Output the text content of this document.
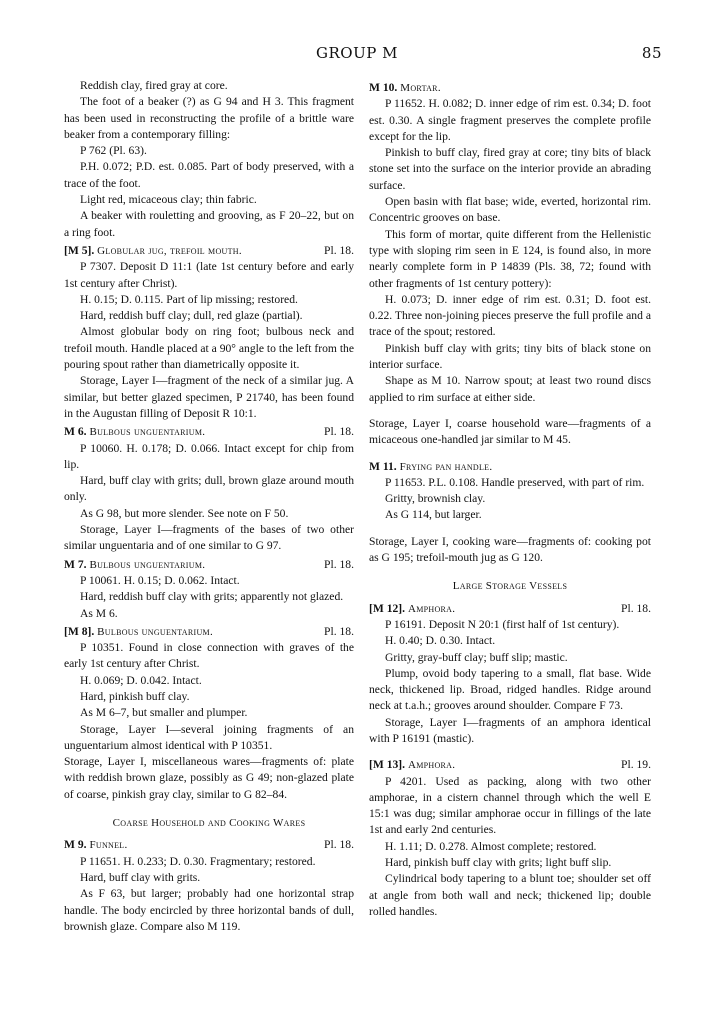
GROUP M	85

Reddish clay, fired gray at core.

The foot of a beaker (?) as G 94 and H 3. This fragment has been used in reconstructing the profile of a brittle ware beaker from a contemporary filling:

P 762 (Pl. 63).

P.H. 0.072; P.D. est. 0.085. Part of body preserved, with a trace of the foot.

Light red, micaceous clay; thin fabric.

A beaker with rouletting and grooving, as F 20–22, but on a ring foot.

[M 5]. Globular jug, trefoil mouth.	Pl. 18.

P 7307. Deposit D 11:1 (late 1st century before and early 1st century after Christ).

H. 0.15; D. 0.115. Part of lip missing; restored.

Hard, reddish buff clay; dull, red glaze (partial).

Almost globular body on ring foot; bulbous neck and trefoil mouth. Handle placed at a 90° angle to the left from the pouring spout rather than diametrically opposite it.

Storage, Layer I—fragment of the neck of a similar jug. A similar, but better glazed specimen, P 21740, has been found in the Augustan filling of Deposit R 10:1.

M 6. Bulbous unguentarium.	Pl. 18.

P 10060. H. 0.178; D. 0.066. Intact except for chip from lip.

Hard, buff clay with grits; dull, brown glaze around mouth only.

As G 98, but more slender. See note on F 50.

Storage, Layer I—fragments of the bases of two other similar unguentaria and of one similar to G 97.

M 7. Bulbous unguentarium.	Pl. 18.

P 10061. H. 0.15; D. 0.062. Intact.

Hard, reddish buff clay with grits; apparently not glazed.

As M 6.

[M 8]. Bulbous unguentarium.	Pl. 18.

P 10351. Found in close connection with graves of the early 1st century after Christ.

H. 0.069; D. 0.042. Intact.

Hard, pinkish buff clay.

As M 6–7, but smaller and plumper.

Storage, Layer I—several joining fragments of an unguentarium almost identical with P 10351.

Storage, Layer I, miscellaneous wares—fragments of: plate with reddish brown glaze, possibly as G 49; non-glazed plate of coarse, pinkish gray clay, similar to G 82–84.

Coarse Household and Cooking Wares
M 9. Funnel.	Pl. 18.

P 11651. H. 0.233; D. 0.30. Fragmentary; restored.

Hard, buff clay with grits.

As F 63, but larger; probably had one horizontal strap handle. The body encircled by three horizontal bands of dull, brownish glaze. Compare also M 119.

M 10. Mortar.

P 11652. H. 0.082; D. inner edge of rim est. 0.34; D. foot est. 0.30. A single fragment preserves the complete profile except for the lip.

Pinkish to buff clay, fired gray at core; tiny bits of black stone set into the surface on the interior provide an abrading surface.

Open basin with flat base; wide, everted, horizontal rim. Concentric grooves on base.

This form of mortar, quite different from the Hellenistic type with sloping rim seen in E 124, is found also, in more nearly complete form in P 14839 (Pls. 38, 72; found with other fragments of 1st century pottery):

H. 0.073; D. inner edge of rim est. 0.31; D. foot est. 0.22. Three non-joining pieces preserve the full profile and a trace of the spout; restored.

Pinkish buff clay with grits; tiny bits of black stone on interior surface.

Shape as M 10. Narrow spout; at least two round discs applied to rim surface at either side.

Storage, Layer I, coarse household ware—fragments of a micaceous one-handled jar similar to M 45.

M 11. Frying pan handle.

P 11653. P.L. 0.108. Handle preserved, with part of rim.

Gritty, brownish clay.

As G 114, but larger.

Storage, Layer I, cooking ware—fragments of: cooking pot as G 195; trefoil-mouth jug as G 120.

Large Storage Vessels
[M 12]. Amphora.	Pl. 18.

P 16191. Deposit N 20:1 (first half of 1st century).

H. 0.40; D. 0.30. Intact.

Gritty, gray-buff clay; buff slip; mastic.

Plump, ovoid body tapering to a small, flat base. Wide neck, thickened lip. Broad, ridged handles. Ridge around neck at t.a.h.; grooves around shoulder. Compare F 73.

Storage, Layer I—fragments of an amphora identical with P 16191 (mastic).

[M 13]. Amphora.	Pl. 19.

P 4201. Used as packing, along with two other amphorae, in a cistern channel through which the well E 15:1 was dug; similar amphorae occur in fillings of the late 1st and early 2nd centuries.

H. 1.11; D. 0.278. Almost complete; restored.

Hard, pinkish buff clay with grits; light buff slip.

Cylindrical body tapering to a blunt toe; shoulder set off at angle from both wall and neck; thickened lip; double rolled handles.
